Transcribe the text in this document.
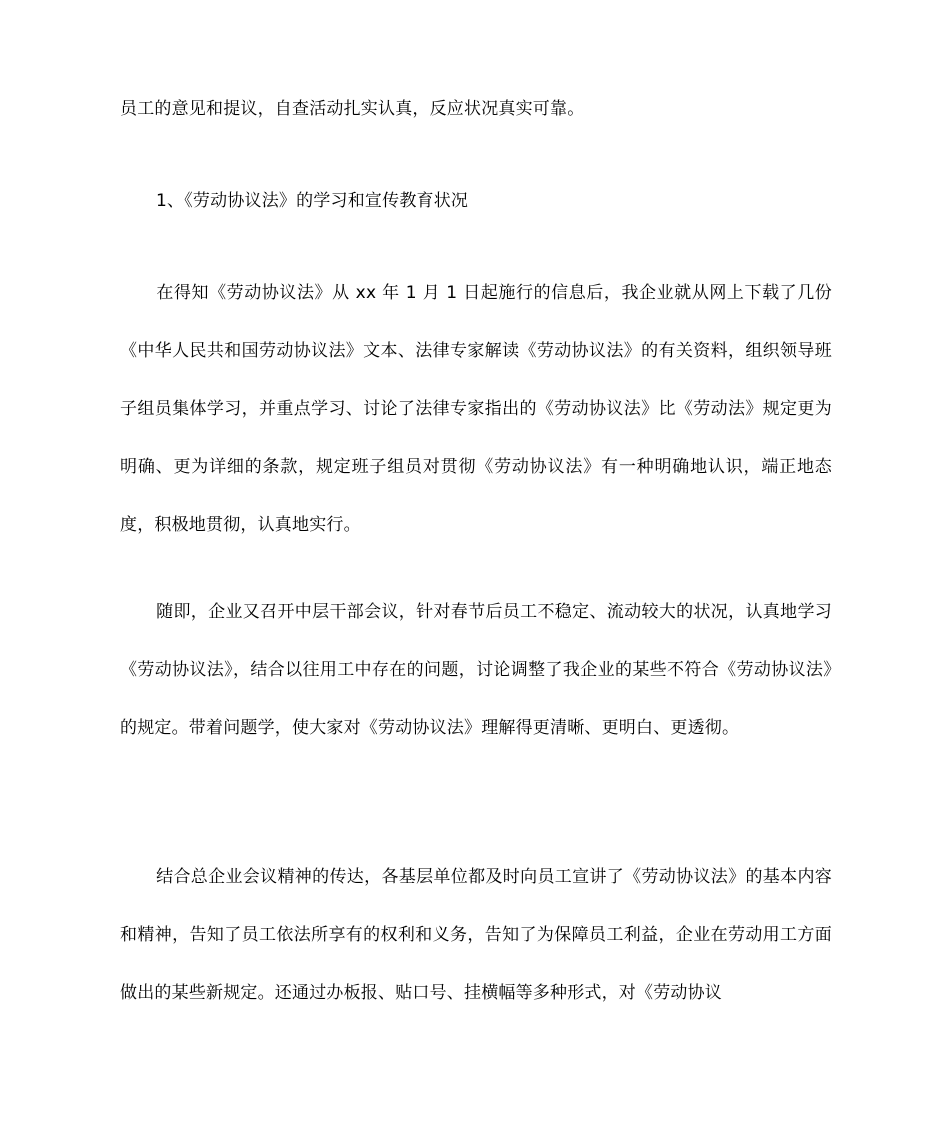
员工的意见和提议，自查活动扎实认真，反应状况真实可靠。

1、《劳动协议法》的学习和宣传教育状况

在得知《劳动协议法》从 xx 年 1 月 1 日起施行的信息后，我企业就从网上下载了几份《中华人民共和国劳动协议法》文本、法律专家解读《劳动协议法》的有关资料，组织领导班子组员集体学习，并重点学习、讨论了法律专家指出的《劳动协议法》比《劳动法》规定更为明确、更为详细的条款，规定班子组员对贯彻《劳动协议法》有一种明确地认识，端正地态度，积极地贯彻，认真地实行。

随即，企业又召开中层干部会议，针对春节后员工不稳定、流动较大的状况，认真地学习《劳动协议法》，结合以往用工中存在的问题，讨论调整了我企业的某些不符合《劳动协议法》的规定。带着问题学，使大家对《劳动协议法》理解得更清晰、更明白、更透彻。

结合总企业会议精神的传达，各基层单位都及时向员工宣讲了《劳动协议法》的基本内容和精神，告知了员工依法所享有的权利和义务，告知了为保障员工利益，企业在劳动用工方面做出的某些新规定。还通过办板报、贴口号、挂横幅等多种形式，对《劳动协议
